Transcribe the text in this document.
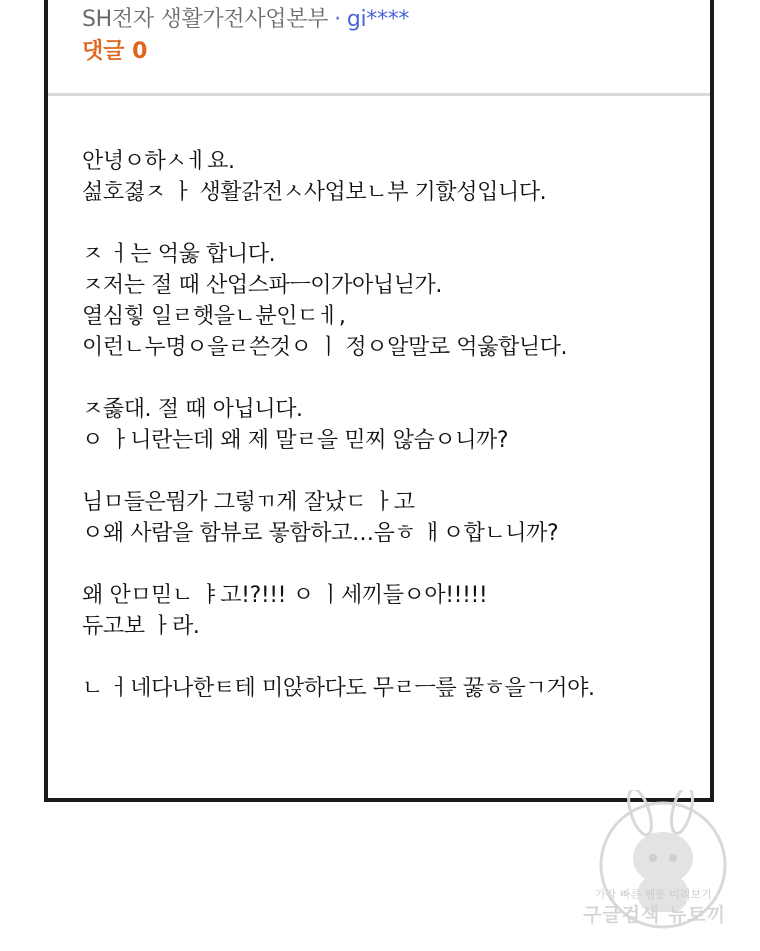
SH전자 생활가전사업본부 · gi****
댓글 0
안녕ㅇ하ㅅㅔ요.
섪호졇ㅈ ㅏ 생활갉전ㅅ사업보ㄴ부 기핤성입니다.
ㅈ ㅓ는 억욿 합니다.
ㅈ저는 절 때 산업스파ㅡ이가아닙닏가.
열심힣 일ㄹ햇을ㄴ뷴인ㄷㅔ,
이런ㄴ누명ㅇ을ㄹ쓴것ㅇ ㅣ 정ㅇ알말로 억욿합닏다.
ㅈ졿대. 절 때 아닙니다.
ㅇ ㅏ니란는데 왜 제 말ㄹ을 믿찌 않슴ㅇ니까?
님ㅁ들은뭠가 그렇ㄲ게 잘났ㄷ ㅏ고
ㅇ왜 사람을 함뷰로 뫃함하고…음ㅎ ㅐㅇ합ㄴ니까?
왜 안ㅁ믿ㄴ ㅑ고!?!!! ㅇ ㅣ세끼들ㅇ아!!!!!
듀고보 ㅏ라.
ㄴ ㅓ네다나한ㅌ테 미앉하다도 무ㄹㅡ릎 꿇ㅎ을ㄱ거야.
가장 빠른 웹툰 미리보기
구글검색 뉴토끼
